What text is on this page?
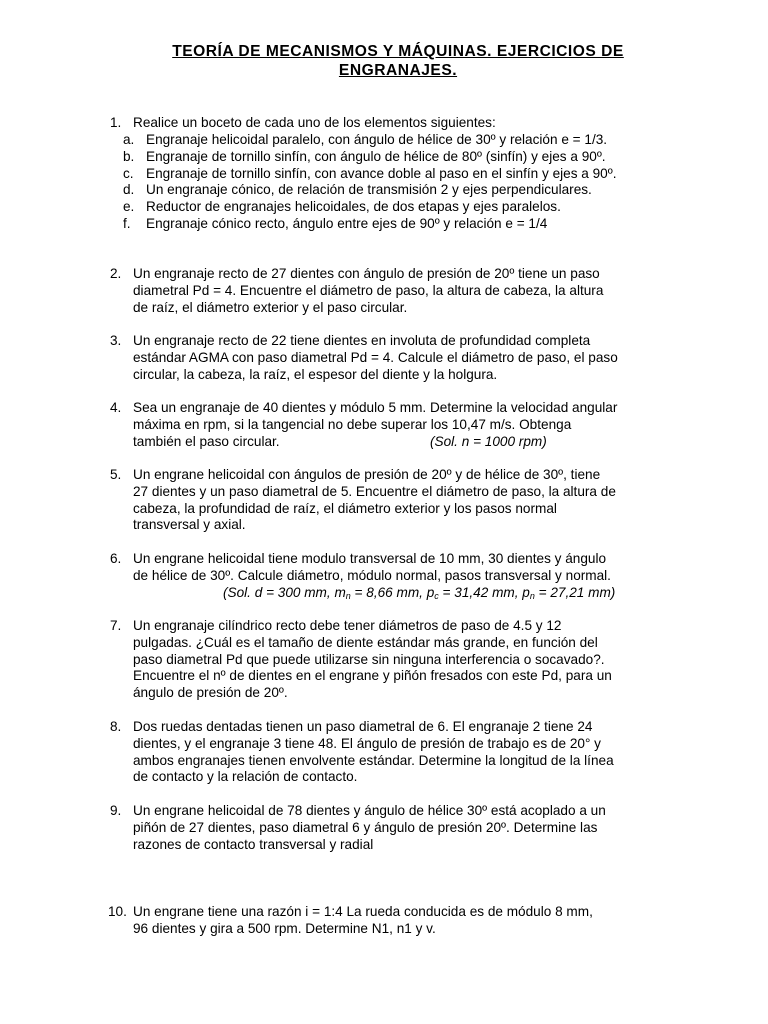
TEORÍA DE MECANISMOS Y MÁQUINAS. EJERCICIOS DE
ENGRANAJES.
1. Realice un boceto de cada uno de los elementos siguientes:
a. Engranaje helicoidal paralelo, con ángulo de hélice de 30º y relación e = 1/3.
b. Engranaje de tornillo sinfín, con ángulo de hélice de 80º (sinfín) y ejes a 90º.
c. Engranaje de tornillo sinfín, con avance doble al paso en el sinfín y ejes a 90º.
d. Un engranaje cónico, de relación de transmisión 2 y ejes perpendiculares.
e. Reductor de engranajes helicoidales, de dos etapas y ejes paralelos.
f. Engranaje cónico recto, ángulo entre ejes de 90º y relación e = 1/4
2. Un engranaje recto de 27 dientes con ángulo de presión de 20º tiene un paso
diametral Pd = 4. Encuentre el diámetro de paso, la altura de cabeza, la altura
de raíz, el diámetro exterior y el paso circular.
3. Un engranaje recto de 22 tiene dientes en involuta de profundidad completa
estándar AGMA con paso diametral Pd = 4. Calcule el diámetro de paso, el paso
circular, la cabeza, la raíz, el espesor del diente y la holgura.
4. Sea un engranaje de 40 dientes y módulo 5 mm. Determine la velocidad angular
máxima en rpm, si la tangencial no debe superar los 10,47 m/s. Obtenga
también el paso circular.	(Sol. n = 1000 rpm)
5. Un engrane helicoidal con ángulos de presión de 20º y de hélice de 30º, tiene
27 dientes y un paso diametral de 5. Encuentre el diámetro de paso, la altura de
cabeza, la profundidad de raíz, el diámetro exterior y los pasos normal
transversal y axial.
6. Un engrane helicoidal tiene modulo transversal de 10 mm, 30 dientes y ángulo
de hélice de 30º. Calcule diámetro, módulo normal, pasos transversal y normal.
(Sol. d = 300 mm, $m_n = 8,66$ mm, $p_c = 31,42$ mm, $p_n = 27,21$ mm)
7. Un engranaje cilíndrico recto debe tener diámetros de paso de 4.5 y 12
pulgadas. ¿Cuál es el tamaño de diente estándar más grande, en función del
paso diametral Pd que puede utilizarse sin ninguna interferencia o socavado?.
Encuentre el nº de dientes en el engrane y piñón fresados con este Pd, para un
ángulo de presión de 20º.
8. Dos ruedas dentadas tienen un paso diametral de 6. El engranaje 2 tiene 24
dientes, y el engranaje 3 tiene 48. El ángulo de presión de trabajo es de 20° y
ambos engranajes tienen envolvente estándar. Determine la longitud de la línea
de contacto y la relación de contacto.
9. Un engrane helicoidal de 78 dientes y ángulo de hélice 30º está acoplado a un
piñón de 27 dientes, paso diametral 6 y ángulo de presión 20º. Determine las
razones de contacto transversal y radial
10. Un engrane tiene una razón i = 1:4 La rueda conducida es de módulo 8 mm,
96 dientes y gira a 500 rpm. Determine N1, n1 y v.
